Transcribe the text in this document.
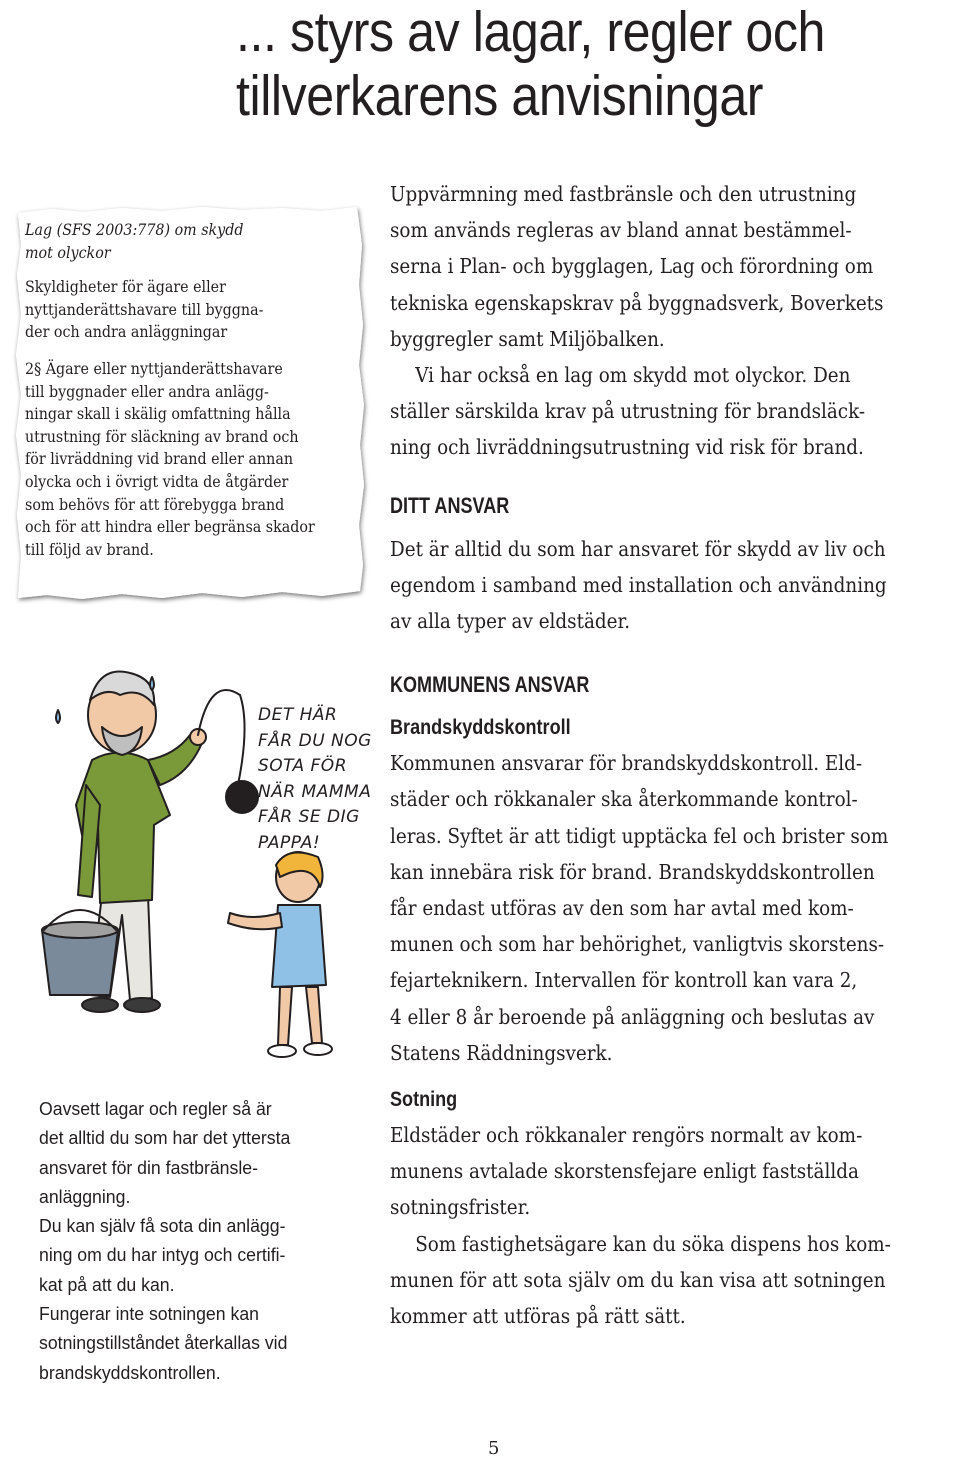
... styrs av lagar, regler och
tillverkarens anvisningar

Lag (SFS 2003:778) om skydd
mot olyckor

Skyldigheter för ägare eller
nyttjanderättshavare till byggna-
der och andra anläggningar

2§ Ägare eller nyttjanderättshavare
till byggnader eller andra anlägg-
ningar skall i skälig omfattning hålla
utrustning för släckning av brand och
för livräddning vid brand eller annan
olycka och i övrigt vidta de åtgärder
som behövs för att förebygga brand
och för att hindra eller begränsa skador
till följd av brand.

DET HÄR
FÅR DU NOG
SOTA FÖR
NÄR MAMMA
FÅR SE DIG
PAPPA!

Oavsett lagar och regler så är
det alltid du som har det yttersta
ansvaret för din fastbränsle-
anläggning.
Du kan själv få sota din anlägg-
ning om du har intyg och certifi-
kat på att du kan.
Fungerar inte sotningen kan
sotningstillståndet återkallas vid
brandskyddskontrollen.

Uppvärmning med fastbränsle och den utrustning
som används regleras av bland annat bestämmel-
serna i Plan- och bygglagen, Lag och förordning om
tekniska egenskapskrav på byggnadsverk, Boverkets
byggregler samt Miljöbalken.

Vi har också en lag om skydd mot olyckor. Den
ställer särskilda krav på utrustning för brandsläck-
ning och livräddningsutrustning vid risk för brand.

DITT ANSVAR

Det är alltid du som har ansvaret för skydd av liv och
egendom i samband med installation och användning
av alla typer av eldstäder.

KOMMUNENS ANSVAR
Brandskyddskontroll

Kommunen ansvarar för brandskyddskontroll. Eld-
städer och rökkanaler ska återkommande kontrol-
leras. Syftet är att tidigt upptäcka fel och brister som
kan innebära risk för brand. Brandskyddskontrollen
får endast utföras av den som har avtal med kom-
munen och som har behörighet, vanligtvis skorstens-
fejarteknikern. Intervallen för kontroll kan vara 2,
4 eller 8 år beroende på anläggning och beslutas av
Statens Räddningsverk.

Sotning

Eldstäder och rökkanaler rengörs normalt av kom-
munens avtalade skorstensfejare enligt fastställda
sotningsfrister.

Som fastighetsägare kan du söka dispens hos kom-
munen för att sota själv om du kan visa att sotningen
kommer att utföras på rätt sätt.

5
